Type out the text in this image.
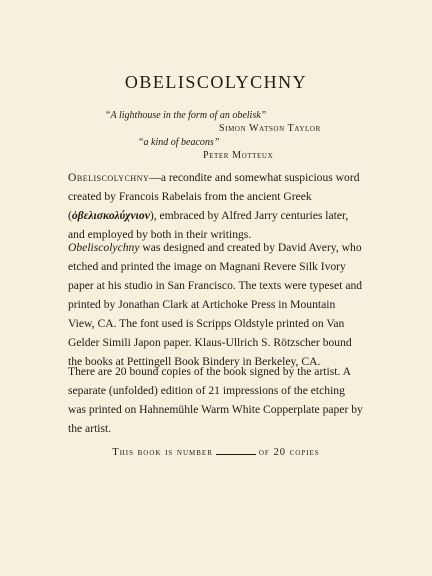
OBELISCOLYCHNY
“A lighthouse in the form of an obelisk”
Simon Watson Taylor
“a kind of beacons”
Peter Motteux

Obeliscolychny—a recondite and somewhat suspicious word created by Francois Rabelais from the ancient Greek (ὀβελισκολύχνιον), embraced by Alfred Jarry centuries later, and employed by both in their writings.

Obeliscolychny was designed and created by David Avery, who etched and printed the image on Magnani Revere Silk Ivory paper at his studio in San Francisco. The texts were typeset and printed by Jonathan Clark at Artichoke Press in Mountain View, CA. The font used is Scripps Oldstyle printed on Van Gelder Simili Japon paper. Klaus-Ullrich S. Rötzscher bound the books at Pettingell Book Bindery in Berkeley, CA.

There are 20 bound copies of the book signed by the artist. A separate (unfolded) edition of 21 impressions of the etching was printed on Hahnemühle Warm White Copperplate paper by the artist.

This book is number	of 20 copies
